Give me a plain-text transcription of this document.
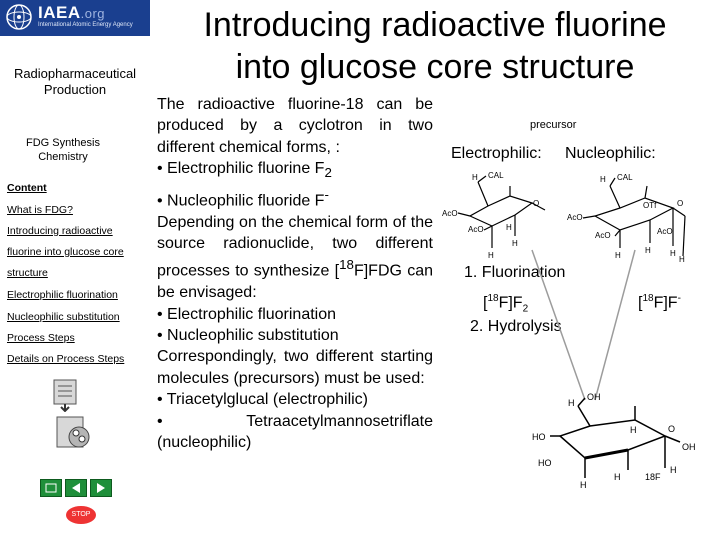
IAEA.org
International Atomic Energy Agency
Radiopharmaceutical
Production
FDG Synthesis
Chemistry
Content
What is FDG?
Introducing radioactive
fluorine into glucose core
structure
Electrophilic fluorination
Nucleophilic substitution
Process Steps
Details on Process Steps
STOP
Introducing radioactive fluorine
into glucose core structure

The radioactive fluorine-18 can be produced by a cyclotron in two different chemical forms, :

• Electrophilic fluorine $F_2$

• Nucleophilic fluoride F-

Depending on the chemical form of the source radionuclide, two different processes to synthesize [$^{18}$F]FDG can be envisaged:

• Electrophilic fluorination

• Nucleophilic substitution

Correspondingly, two different starting molecules (precursors) must be used:

• Triacetylglucal (electrophilic)

• Tetraacetylmannosetriflate (nucleophilic)

precursor
Electrophilic: Nucleophilic:
1. Fluorination
$[^{18}F]F_2$
2. Hydrolysis
[$^{18}$F]F-
CAL
H
AcO
AcO
O
H
H
H
CAL
H
AcO
AcO
OTf	O
AcO
H
H H
H
OH
H
HO
HO
H	O
OH
H
H	18F
H
